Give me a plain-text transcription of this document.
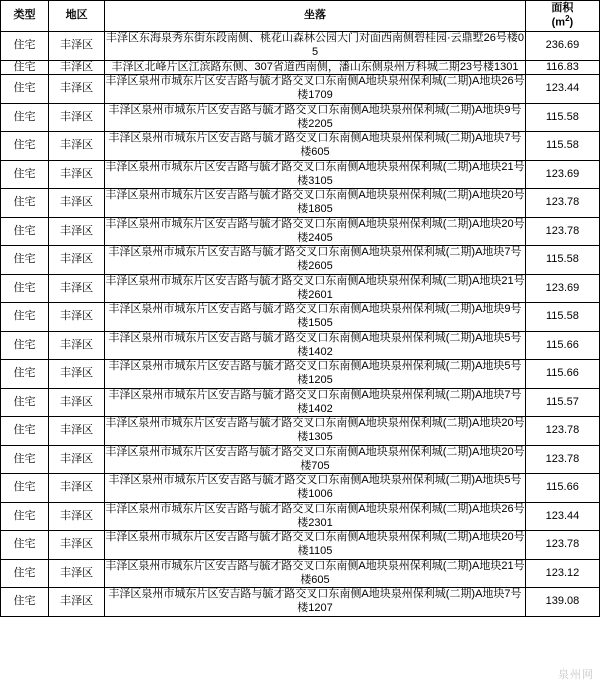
类型	地区	坐落	面积
$(m^2)$

住宅	丰泽区	丰泽区东海泉秀东街东段南侧、桃花山森林公园大门对面西南侧碧桂园·云鼎墅26号楼05	236.69
住宅	丰泽区	丰泽区北峰片区江滨路东侧、307省道西南侧，潘山东侧泉州万科城二期23号楼1301	116.83
住宅	丰泽区	丰泽区泉州市城东片区安吉路与毓才路交叉口东南侧A地块泉州保利城(二期)A地块26号楼1709	123.44
住宅	丰泽区	丰泽区泉州市城东片区安吉路与毓才路交叉口东南侧A地块泉州保利城(二期)A地块9号楼2205	115.58
住宅	丰泽区	丰泽区泉州市城东片区安吉路与毓才路交叉口东南侧A地块泉州保利城(二期)A地块7号楼605	115.58
住宅	丰泽区	丰泽区泉州市城东片区安吉路与毓才路交叉口东南侧A地块泉州保利城(二期)A地块21号楼3105	123.69
住宅	丰泽区	丰泽区泉州市城东片区安吉路与毓才路交叉口东南侧A地块泉州保利城(二期)A地块20号楼1805	123.78
住宅	丰泽区	丰泽区泉州市城东片区安吉路与毓才路交叉口东南侧A地块泉州保利城(二期)A地块20号楼2405	123.78
住宅	丰泽区	丰泽区泉州市城东片区安吉路与毓才路交叉口东南侧A地块泉州保利城(二期)A地块7号楼2605	115.58
住宅	丰泽区	丰泽区泉州市城东片区安吉路与毓才路交叉口东南侧A地块泉州保利城(二期)A地块21号楼2601	123.69
住宅	丰泽区	丰泽区泉州市城东片区安吉路与毓才路交叉口东南侧A地块泉州保利城(二期)A地块9号楼1505	115.58
住宅	丰泽区	丰泽区泉州市城东片区安吉路与毓才路交叉口东南侧A地块泉州保利城(二期)A地块5号楼1402	115.66
住宅	丰泽区	丰泽区泉州市城东片区安吉路与毓才路交叉口东南侧A地块泉州保利城(二期)A地块5号楼1205	115.66
住宅	丰泽区	丰泽区泉州市城东片区安吉路与毓才路交叉口东南侧A地块泉州保利城(二期)A地块7号楼1402	115.57
住宅	丰泽区	丰泽区泉州市城东片区安吉路与毓才路交叉口东南侧A地块泉州保利城(二期)A地块20号楼1305	123.78
住宅	丰泽区	丰泽区泉州市城东片区安吉路与毓才路交叉口东南侧A地块泉州保利城(二期)A地块20号楼705	123.78
住宅	丰泽区	丰泽区泉州市城东片区安吉路与毓才路交叉口东南侧A地块泉州保利城(二期)A地块5号楼1006	115.66
住宅	丰泽区	丰泽区泉州市城东片区安吉路与毓才路交叉口东南侧A地块泉州保利城(二期)A地块26号楼2301	123.44
住宅	丰泽区	丰泽区泉州市城东片区安吉路与毓才路交叉口东南侧A地块泉州保利城(二期)A地块20号楼1105	123.78
住宅	丰泽区	丰泽区泉州市城东片区安吉路与毓才路交叉口东南侧A地块泉州保利城(二期)A地块21号楼605	123.12
住宅	丰泽区	丰泽区泉州市城东片区安吉路与毓才路交叉口东南侧A地块泉州保利城(二期)A地块7号楼1207	139.08
泉州网
